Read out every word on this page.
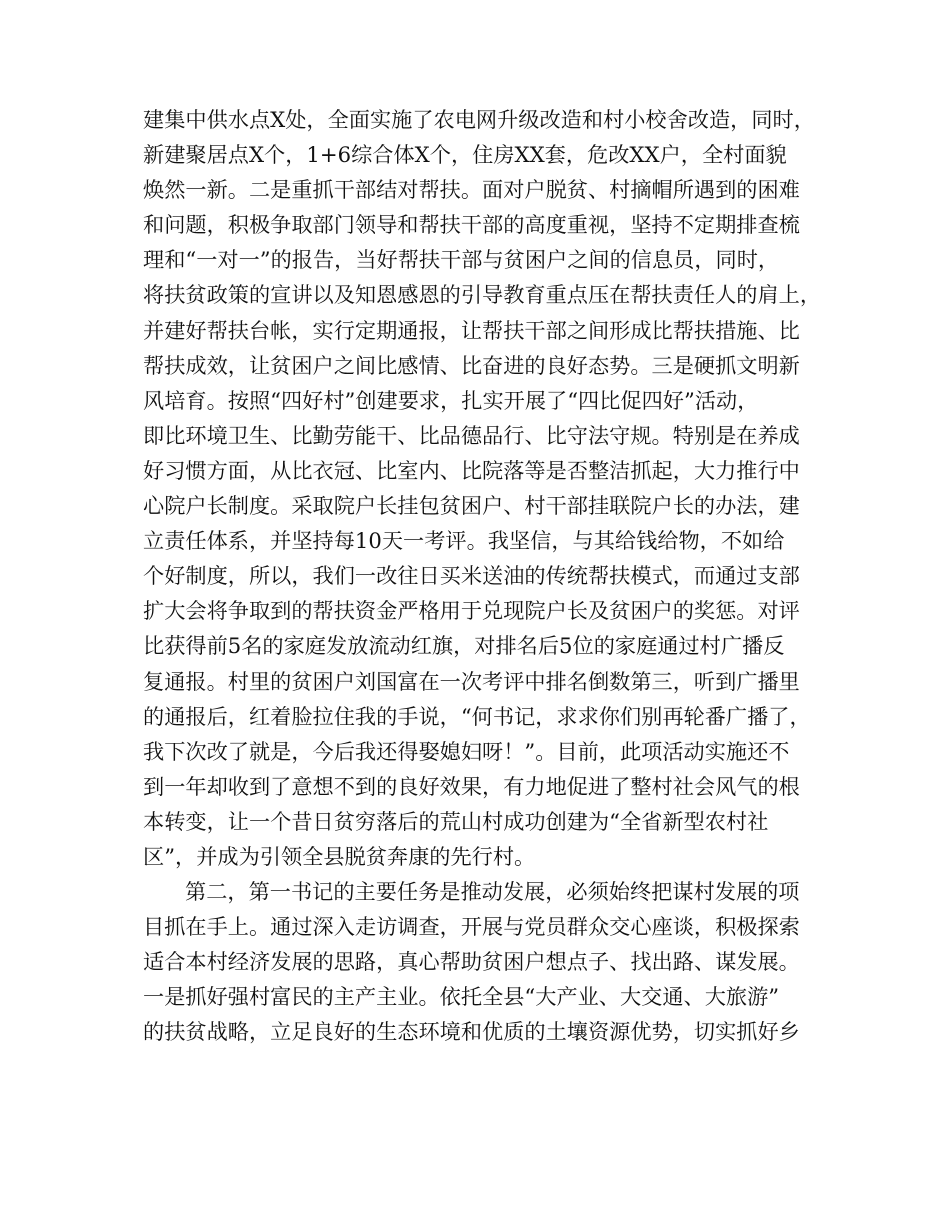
建集中供水点X处，全面实施了农电网升级改造和村小校舍改造，同时，
新建聚居点X个，1+6综合体X个，住房XX套，危改XX户，全村面貌
焕然一新。二是重抓干部结对帮扶。面对户脱贫、村摘帽所遇到的困难
和问题，积极争取部门领导和帮扶干部的高度重视，坚持不定期排查梳
理和“一对一”的报告，当好帮扶干部与贫困户之间的信息员，同时，
将扶贫政策的宣讲以及知恩感恩的引导教育重点压在帮扶责任人的肩上，
并建好帮扶台帐，实行定期通报，让帮扶干部之间形成比帮扶措施、比
帮扶成效，让贫困户之间比感情、比奋进的良好态势。三是硬抓文明新
风培育。按照“四好村”创建要求，扎实开展了“四比促四好”活动，
即比环境卫生、比勤劳能干、比品德品行、比守法守规。特别是在养成
好习惯方面，从比衣冠、比室内、比院落等是否整洁抓起，大力推行中
心院户长制度。采取院户长挂包贫困户、村干部挂联院户长的办法，建
立责任体系，并坚持每10天一考评。我坚信，与其给钱给物，不如给
个好制度，所以，我们一改往日买米送油的传统帮扶模式，而通过支部
扩大会将争取到的帮扶资金严格用于兑现院户长及贫困户的奖惩。对评
比获得前5名的家庭发放流动红旗，对排名后5位的家庭通过村广播反
复通报。村里的贫困户刘国富在一次考评中排名倒数第三，听到广播里
的通报后，红着脸拉住我的手说，“何书记，求求你们别再轮番广播了，
我下次改了就是，今后我还得娶媳妇呀！”。目前，此项活动实施还不
到一年却收到了意想不到的良好效果，有力地促进了整村社会风气的根
本转变，让一个昔日贫穷落后的荒山村成功创建为“全省新型农村社
区”，并成为引领全县脱贫奔康的先行村。
第二，第一书记的主要任务是推动发展，必须始终把谋村发展的项
目抓在手上。通过深入走访调查，开展与党员群众交心座谈，积极探索
适合本村经济发展的思路，真心帮助贫困户想点子、找出路、谋发展。
一是抓好强村富民的主产主业。依托全县“大产业、大交通、大旅游”
的扶贫战略，立足良好的生态环境和优质的土壤资源优势，切实抓好乡
